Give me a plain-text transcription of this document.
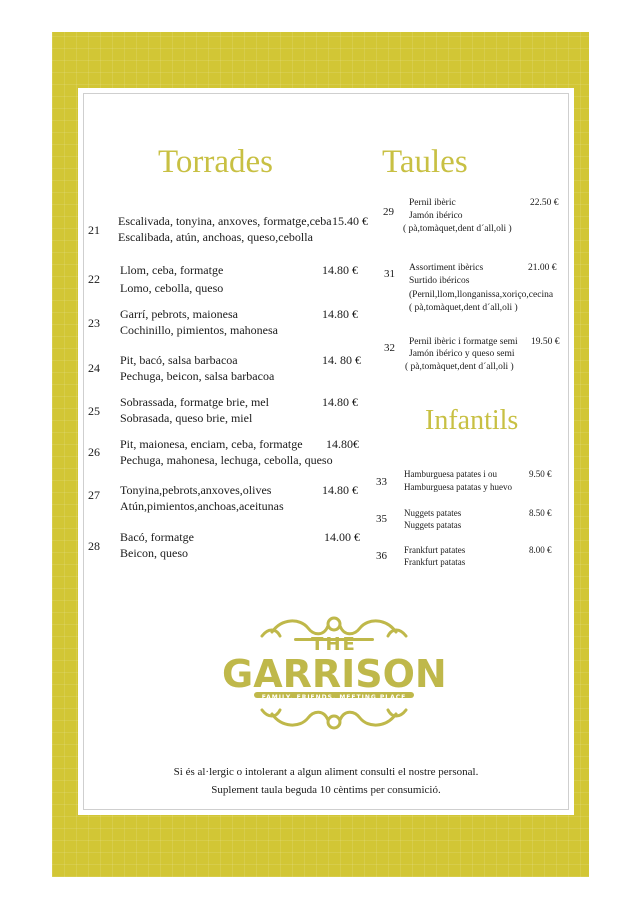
Torrades
21
Escalivada, tonyina, anxoves, formatge,ceba
Escalibada, atún, anchoas, queso,cebolla
15.40 €
22
Llom, ceba, formatge
Lomo, cebolla, queso
14.80 €
23
Garrí, pebrots, maionesa
Cochinillo, pimientos, mahonesa
14.80 €
24
Pit, bacó, salsa barbacoa
Pechuga, beicon, salsa barbacoa
14. 80 €
25
Sobrassada, formatge brie, mel
Sobrasada, queso brie, miel
14.80 €
26
Pit, maionesa, enciam, ceba, formatge
Pechuga, mahonesa, lechuga, cebolla, queso
14.80€
27 Tonyina,pebrots,anxoves,olives
Atún,pimientos,anchoas,aceitunas
14.80 €
28
Bacó, formatge
Beicon, queso
14.00 €
Taules
29
Pernil ibèric
Jamón ibérico
( pà,tomàquet,dent d´all,oli )
22.50 €
31 Assortiment ibèrics
Surtido ibéricos
(Pernil,llom,llonganissa,xoriço,cecina
( pà,tomàquet,dent d´all,oli )
21.00 €
32 Pernil ibèric i formatge semi
Jamón ibérico y queso semi
( pà,tomàquet,dent d´all,oli )
19.50 €
Infantils
33
Hamburguesa patates i ou
Hamburguesa patatas y huevo
9.50 €
35 Nuggets patates
Nuggets patatas
8.50 €
36 Frankfurt patates
Frankfurt patatas
8.00 €
THE
GARRISON
FAMILY, FRIENDS, MEETING PLACE
Si és al·lergic o intolerant a algun aliment consulti el nostre personal.
Suplement taula beguda 10 cèntims per consumició.
